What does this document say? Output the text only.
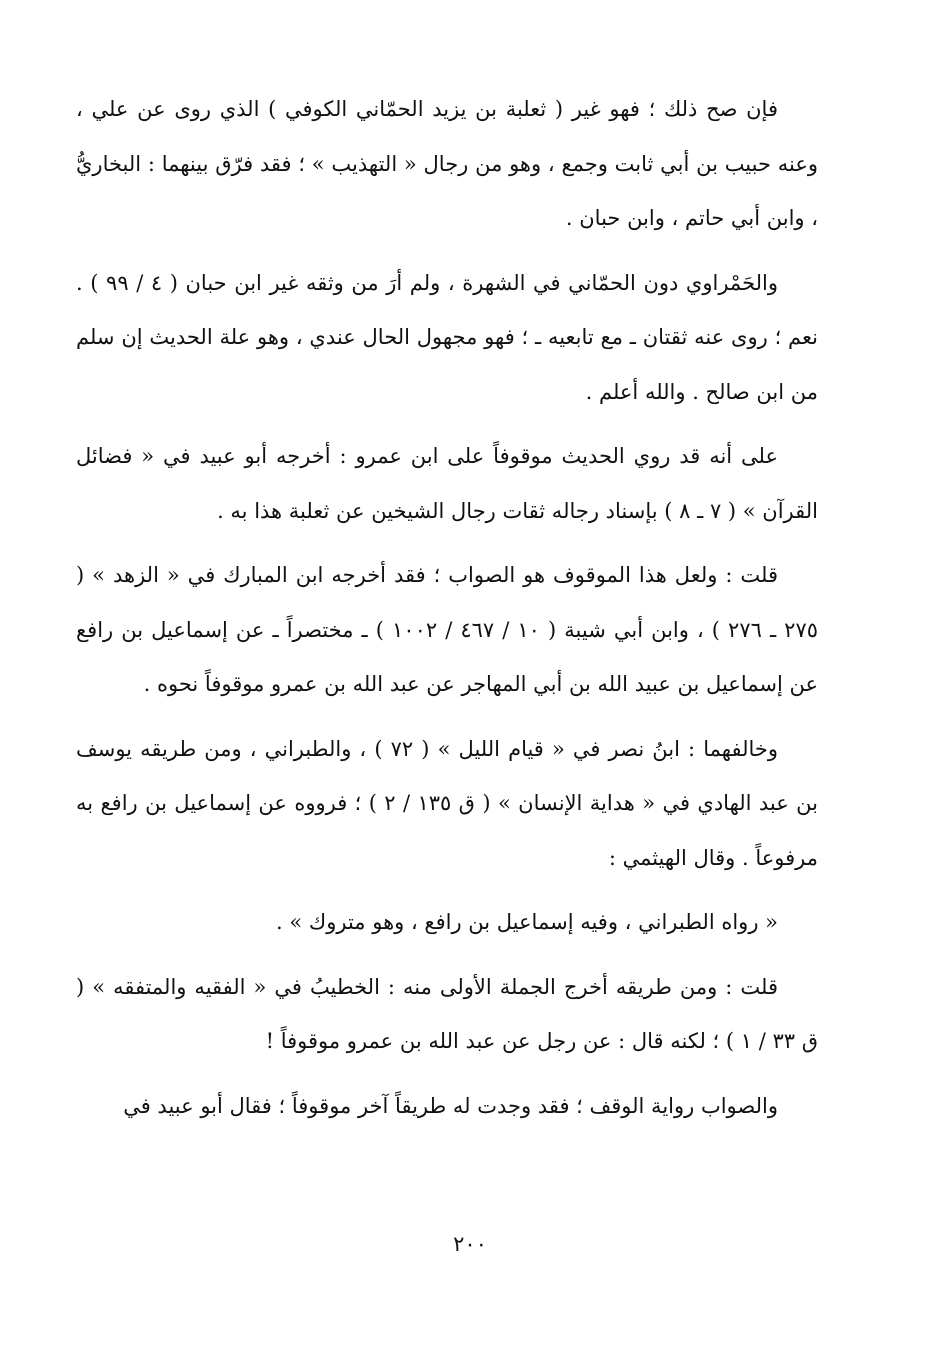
فإن صح ذلك ؛ فهو غير ( ثعلبة بن يزيد الحمّاني الكوفي ) الذي روى عن علي ، وعنه حبيب بن أبي ثابت وجمع ، وهو من رجال « التهذيب » ؛ فقد فرّق بينهما : البخاريُّ ، وابن أبي حاتم ، وابن حبان .

والحَمْراوي دون الحمّاني في الشهرة ، ولم أرَ من وثقه غير ابن حبان ( ٤ / ٩٩ ) . نعم ؛ روى عنه ثقتان ـ مع تابعيه ـ ؛ فهو مجهول الحال عندي ، وهو علة الحديث إن سلم من ابن صالح . والله أعلم .

على أنه قد روي الحديث موقوفاً على ابن عمرو : أخرجه أبو عبيد في « فضائل القرآن » ( ٧ ـ ٨ ) بإسناد رجاله ثقات رجال الشيخين عن ثعلبة هذا به .

قلت : ولعل هذا الموقوف هو الصواب ؛ فقد أخرجه ابن المبارك في « الزهد » ( ٢٧٥ ـ ٢٧٦ ) ، وابن أبي شيبة ( ١٠ / ٤٦٧ / ١٠٠٢ ) ـ مختصراً ـ عن إسماعيل بن رافع عن إسماعيل بن عبيد الله بن أبي المهاجر عن عبد الله بن عمرو موقوفاً نحوه .

وخالفهما : ابنُ نصر في « قيام الليل » ( ٧٢ ) ، والطبراني ، ومن طريقه يوسف بن عبد الهادي في « هداية الإنسان » ( ق ١٣٥ / ٢ ) ؛ فرووه عن إسماعيل بن رافع به مرفوعاً . وقال الهيثمي :

« رواه الطبراني ، وفيه إسماعيل بن رافع ، وهو متروك » .

قلت : ومن طريقه أخرج الجملة الأولى منه : الخطيبُ في « الفقيه والمتفقه » ( ق ٣٣ / ١ ) ؛ لكنه قال : عن رجل عن عبد الله بن عمرو موقوفاً !

والصواب رواية الوقف ؛ فقد وجدت له طريقاً آخر موقوفاً ؛ فقال أبو عبيد في

٢٠٠
